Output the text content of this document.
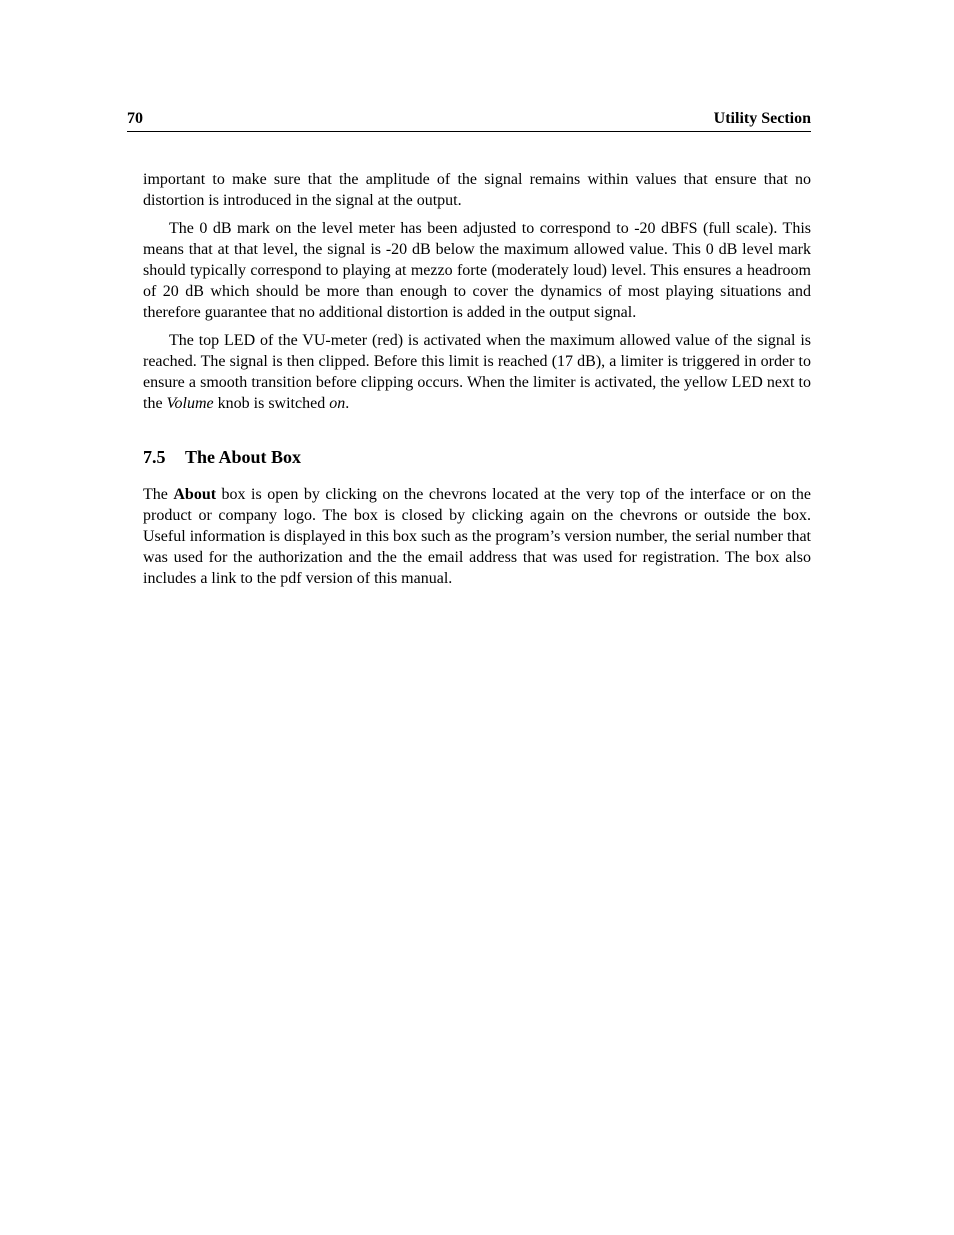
70	Utility Section

important to make sure that the amplitude of the signal remains within values that ensure that no distortion is introduced in the signal at the output.

The 0 dB mark on the level meter has been adjusted to correspond to -20 dBFS (full scale). This means that at that level, the signal is -20 dB below the maximum allowed value. This 0 dB level mark should typically correspond to playing at mezzo forte (moderately loud) level. This ensures a headroom of 20 dB which should be more than enough to cover the dynamics of most playing situations and therefore guarantee that no additional distortion is added in the output signal.

The top LED of the VU-meter (red) is activated when the maximum allowed value of the signal is reached. The signal is then clipped. Before this limit is reached (17 dB), a limiter is triggered in order to ensure a smooth transition before clipping occurs. When the limiter is activated, the yellow LED next to the Volume knob is switched on.

7.5 The About Box

The About box is open by clicking on the chevrons located at the very top of the interface or on the product or company logo. The box is closed by clicking again on the chevrons or outside the box. Useful information is displayed in this box such as the program’s version number, the serial number that was used for the authorization and the the email address that was used for registration. The box also includes a link to the pdf version of this manual.
